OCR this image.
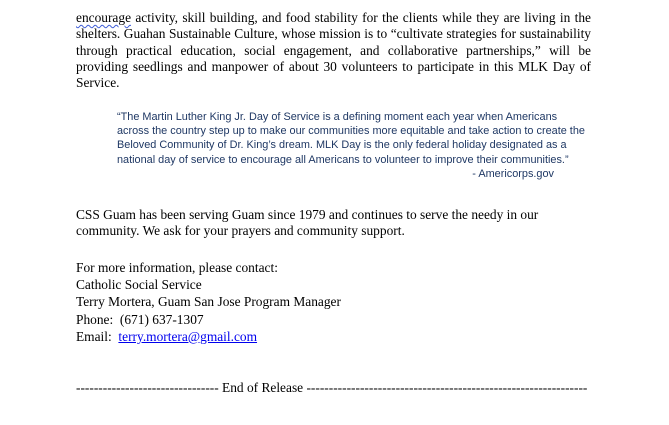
encourage activity, skill building, and food stability for the clients while they are living in the
shelters. Guahan Sustainable Culture, whose mission is to “cultivate strategies for sustainability
through practical education, social engagement, and collaborative partnerships,” will be
providing seedlings and manpower of about 30 volunteers to participate in this MLK Day of
Service.
“The Martin Luther King Jr. Day of Service is a defining moment each year when Americans
across the country step up to make our communities more equitable and take action to create the
Beloved Community of Dr. King’s dream. MLK Day is the only federal holiday designated as a
national day of service to encourage all Americans to volunteer to improve their communities.”
- Americorps.gov
CSS Guam has been serving Guam since 1979 and continues to serve the needy in our
community. We ask for your prayers and community support.
For more information, please contact:
Catholic Social Service
Terry Mortera, Guam San Jose Program Manager
Phone: (671) 637-1307
Email: terry.mortera@gmail.com
-------------------------------- End of Release ---------------------------------------------------------------
